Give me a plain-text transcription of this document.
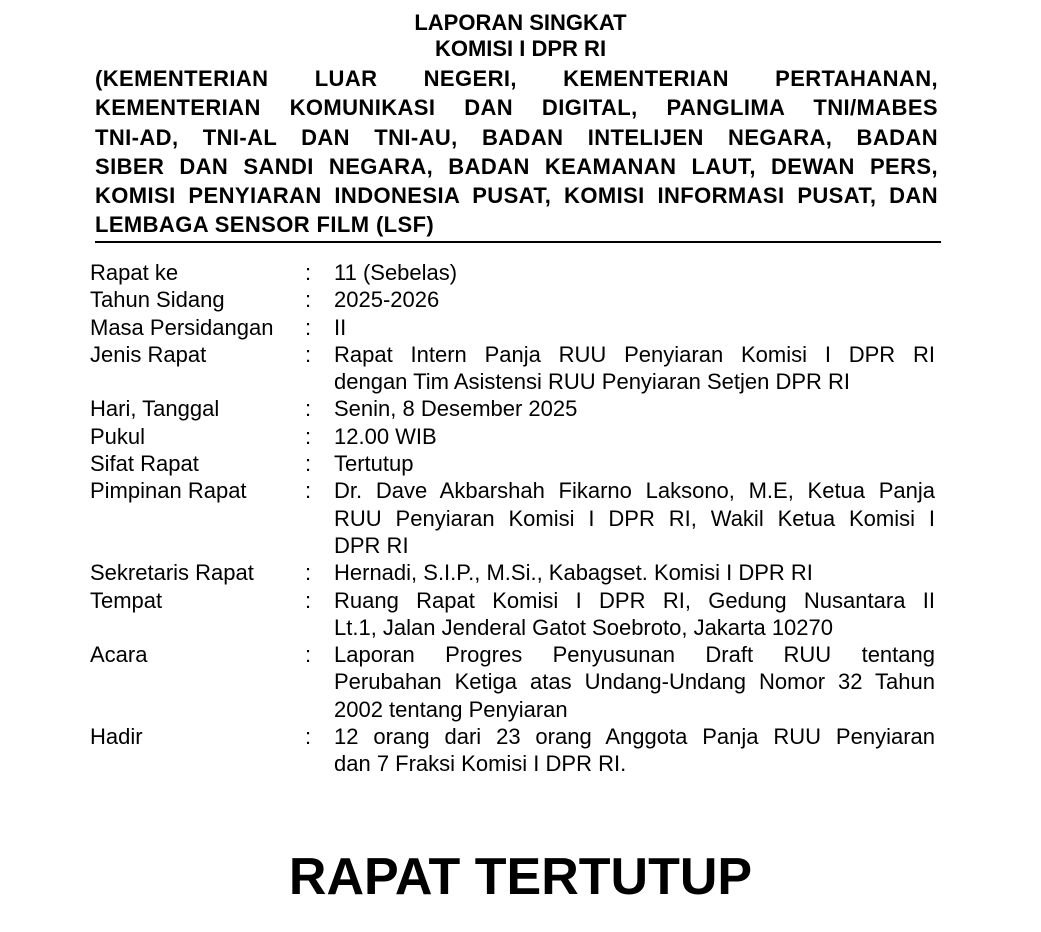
LAPORAN SINGKAT
KOMISI I DPR RI
(KEMENTERIAN LUAR NEGERI, KEMENTERIAN PERTAHANAN,
KEMENTERIAN KOMUNIKASI DAN DIGITAL, PANGLIMA TNI/MABES
TNI-AD, TNI-AL DAN TNI-AU, BADAN INTELIJEN NEGARA, BADAN
SIBER DAN SANDI NEGARA, BADAN KEAMANAN LAUT, DEWAN PERS,
KOMISI PENYIARAN INDONESIA PUSAT, KOMISI INFORMASI PUSAT, DAN
LEMBAGA SENSOR FILM (LSF)
Rapat ke	:	11 (Sebelas)
Tahun Sidang	:	2025-2026
Masa Persidangan	:	II
Jenis Rapat	:	Rapat Intern Panja RUU Penyiaran Komisi I DPR RI
dengan Tim Asistensi RUU Penyiaran Setjen DPR RI
Hari, Tanggal	:	Senin, 8 Desember 2025
Pukul	:	12.00 WIB
Sifat Rapat	:	Tertutup
Pimpinan Rapat	:	Dr. Dave Akbarshah Fikarno Laksono, M.E, Ketua Panja
RUU Penyiaran Komisi I DPR RI, Wakil Ketua Komisi I
DPR RI
Sekretaris Rapat	:	Hernadi, S.I.P., M.Si., Kabagset. Komisi I DPR RI
Tempat	:	Ruang Rapat Komisi I DPR RI, Gedung Nusantara II
Lt.1, Jalan Jenderal Gatot Soebroto, Jakarta 10270
Acara	:	Laporan Progres Penyusunan Draft RUU tentang
Perubahan Ketiga atas Undang-Undang Nomor 32 Tahun
2002 tentang Penyiaran
Hadir	:	12 orang dari 23 orang Anggota Panja RUU Penyiaran
dan 7 Fraksi Komisi I DPR RI.
RAPAT TERTUTUP
